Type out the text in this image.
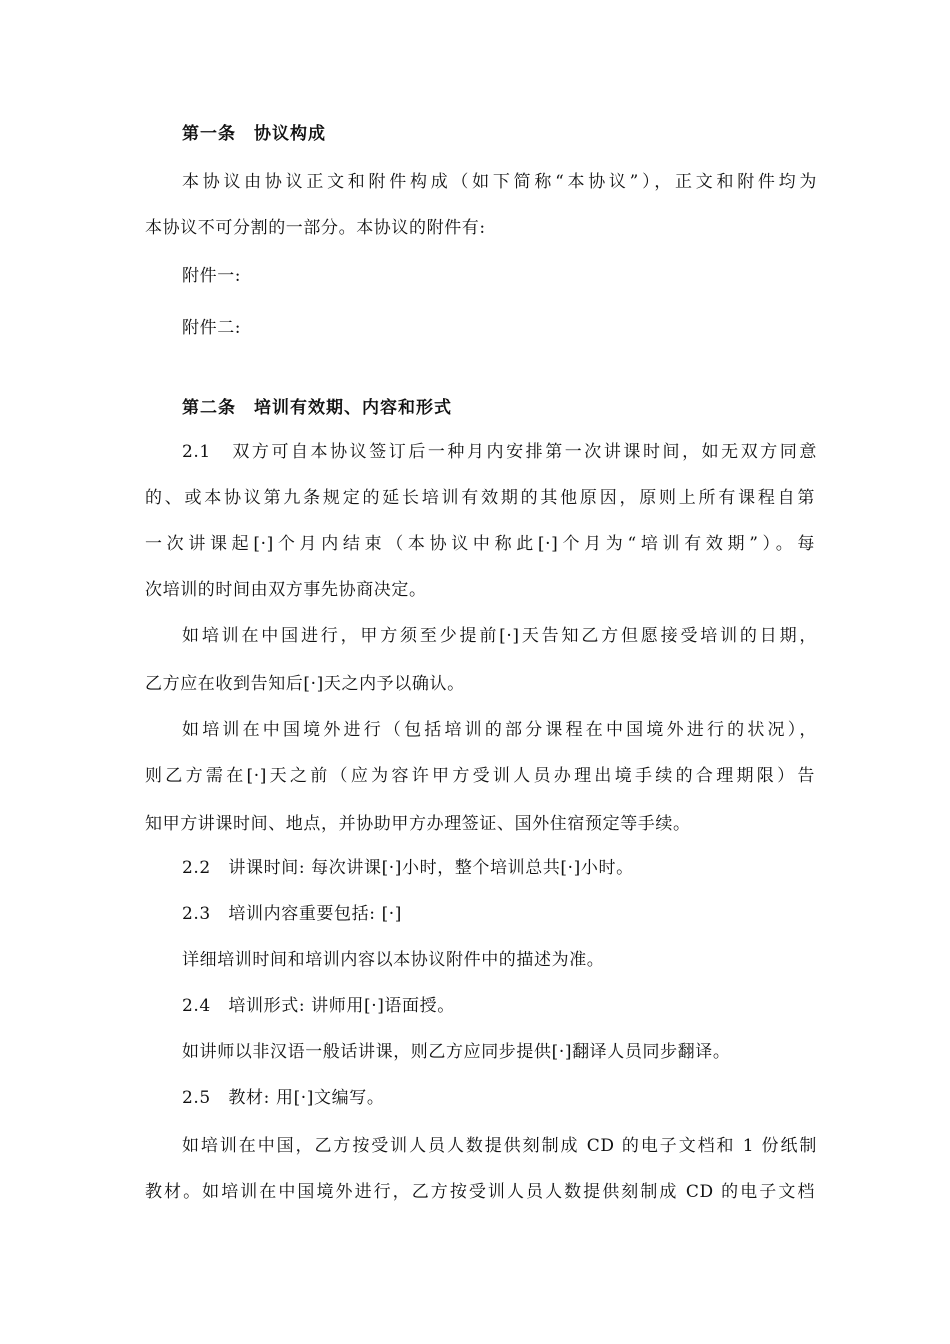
第一条　协议构成
本协议由协议正文和附件构成（如下简称“本协议”），正文和附件均为
本协议不可分割的一部分。本协议的附件有:
附件一:
附件二:
第二条　培训有效期、内容和形式
2.1　双方可自本协议签订后一种月内安排第一次讲课时间，如无双方同意
的、或本协议第九条规定的延长培训有效期的其他原因，原则上所有课程自第
一次讲课起[·]个月内结束（本协议中称此[·]个月为“培训有效期”）。每
次培训的时间由双方事先协商决定。
如培训在中国进行，甲方须至少提前[·]天告知乙方但愿接受培训的日期，
乙方应在收到告知后[·]天之内予以确认。
如培训在中国境外进行（包括培训的部分课程在中国境外进行的状况），
则乙方需在[·]天之前（应为容许甲方受训人员办理出境手续的合理期限）告
知甲方讲课时间、地点，并协助甲方办理签证、国外住宿预定等手续。
2.2　讲课时间: 每次讲课[·]小时，整个培训总共[·]小时。
2.3　培训内容重要包括: [·]
详细培训时间和培训内容以本协议附件中的描述为准。
2.4　培训形式: 讲师用[·]语面授。
如讲师以非汉语一般话讲课，则乙方应同步提供[·]翻译人员同步翻译。
2.5　教材: 用[·]文编写。
如培训在中国，乙方按受训人员人数提供刻制成 CD 的电子文档和 1 份纸制
教材。如培训在中国境外进行，乙方按受训人员人数提供刻制成 CD 的电子文档
